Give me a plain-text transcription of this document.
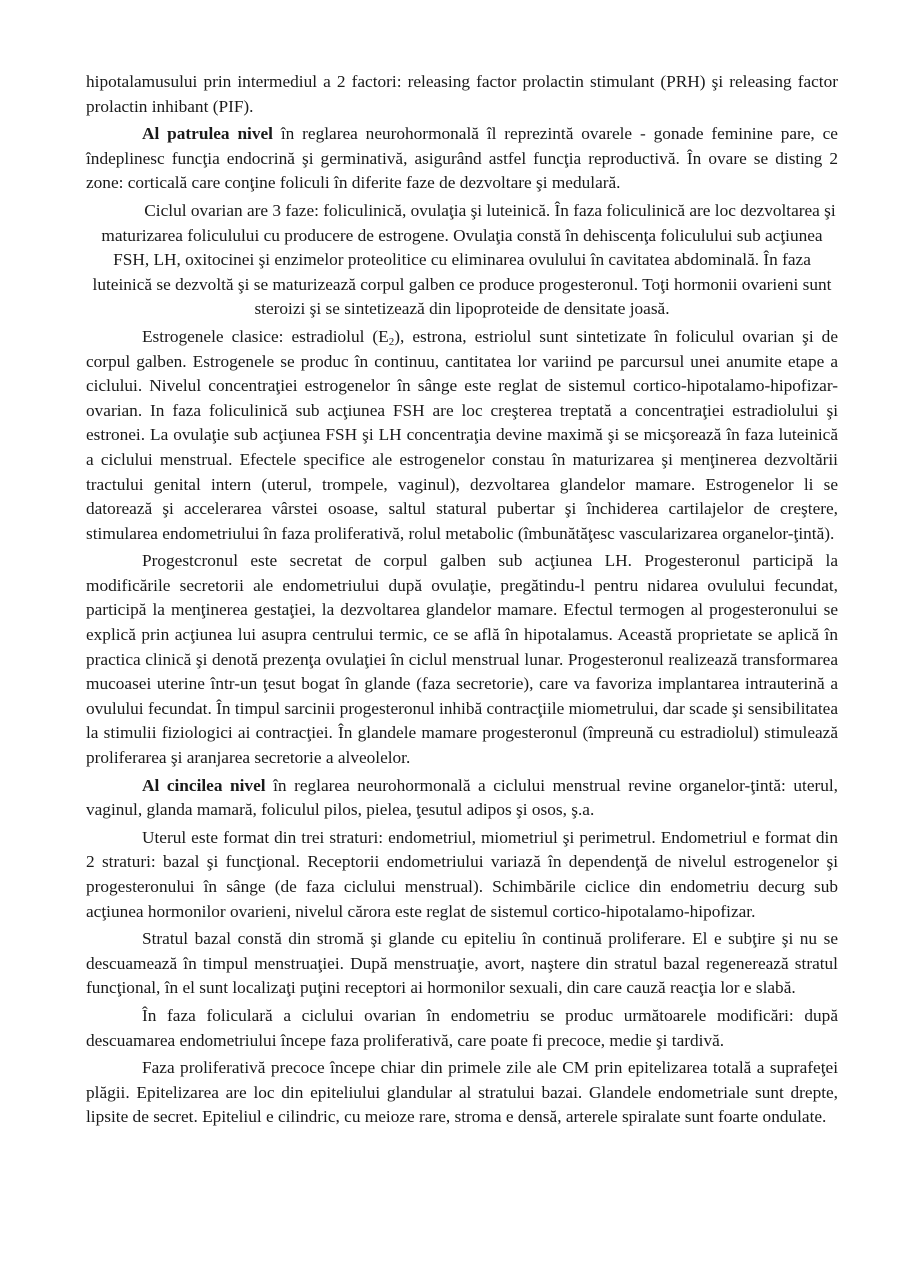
hipotalamusului prin intermediul a 2 factori: releasing factor prolactin stimulant (PRH) şi releasing factor prolactin inhibant (PIF).

Al patrulea nivel în reglarea neurohormonală îl reprezintă ovarele - gonade feminine pare, ce îndeplinesc funcţia endocrină şi germinativă, asigurând astfel funcţia reproductivă. În ovare se disting 2 zone: corticală care conţine foliculi în diferite faze de dezvoltare şi medulară.

Ciclul ovarian are 3 faze: foliculinică, ovulaţia şi luteinică. În faza foliculinică are loc dezvoltarea şi maturizarea foliculului cu producere de estrogene. Ovulaţia constă în dehiscenţa foliculului sub acţiunea FSH, LH, oxitocinei şi enzimelor proteolitice cu eliminarea ovulului în cavitatea abdominală. În faza luteinică se dezvoltă şi se maturizează corpul galben ce produce progesteronul. Toţi hormonii ovarieni sunt steroizi şi se sintetizează din lipoproteide de densitate joasă.

Estrogenele clasice: estradiolul $(E_2)$, estrona, estriolul sunt sintetizate în foliculul ovarian şi de corpul galben. Estrogenele se produc în continuu, cantitatea lor variind pe parcursul unei anumite etape a ciclului. Nivelul concentraţiei estrogenelor în sânge este reglat de sistemul cortico-hipotalamo-hipofizar-ovarian. In faza foliculinică sub acţiunea FSH are loc creşterea treptată a concentraţiei estradiolului şi estronei. La ovulaţie sub acţiunea FSH şi LH concentraţia devine maximă şi se micşorează în faza luteinică a ciclului menstrual. Efectele specifice ale estrogenelor constau în maturizarea şi menţinerea dezvoltării tractului genital intern (uterul, trompele, vaginul), dezvoltarea glandelor mamare. Estrogenelor li se datorează şi accelerarea vârstei osoase, saltul statural pubertar şi închiderea cartilajelor de creştere, stimularea endometriului în faza proliferativă, rolul metabolic (îmbunătăţesc vascularizarea organelor-ţintă).

Progestcronul este secretat de corpul galben sub acţiunea LH. Progesteronul participă la modificările secretorii ale endometriului după ovulaţie, pregătindu-l pentru nidarea ovulului fecundat, participă la menţinerea gestaţiei, la dezvoltarea glandelor mamare. Efectul termogen al progesteronului se explică prin acţiunea lui asupra centrului termic, ce se află în hipotalamus. Această proprietate se aplică în practica clinică şi denotă prezenţa ovulaţiei în ciclul menstrual lunar. Progesteronul realizează transformarea mucoasei uterine într-un ţesut bogat în glande (faza secretorie), care va favoriza implantarea intrauterină a ovulului fecundat. În timpul sarcinii progesteronul inhibă contracţiile miometrului, dar scade şi sensibilitatea la stimulii fiziologici ai contracţiei. În glandele mamare progesteronul (împreună cu estradiolul) stimulează proliferarea şi aranjarea secretorie a alveolelor.

Al cincilea nivel în reglarea neurohormonală a ciclului menstrual revine organelor-ţintă: uterul, vaginul, glanda mamară, foliculul pilos, pielea, ţesutul adipos şi osos, ş.a.

Uterul este format din trei straturi: endometriul, miometriul şi perimetrul. Endometriul e format din 2 straturi: bazal şi funcţional. Receptorii endometriului variază în dependenţă de nivelul estrogenelor şi progesteronului în sânge (de faza ciclului menstrual). Schimbările ciclice din endometriu decurg sub acţiunea hormonilor ovarieni, nivelul cărora este reglat de sistemul cortico-hipotalamo-hipofizar.

Stratul bazal constă din stromă şi glande cu epiteliu în continuă proliferare. El e subţire şi nu se descuamează în timpul menstruaţiei. După menstruaţie, avort, naştere din stratul bazal regenerează stratul funcţional, în el sunt localizaţi puţini receptori ai hormonilor sexuali, din care cauză reacţia lor e slabă.

În faza foliculară a ciclului ovarian în endometriu se produc următoarele modificări: după descuamarea endometriului începe faza proliferativă, care poate fi precoce, medie şi tardivă.

Faza proliferativă precoce începe chiar din primele zile ale CM prin epitelizarea totală a suprafeţei plăgii. Epitelizarea are loc din epiteliului glandular al stratului bazai. Glandele endometriale sunt drepte, lipsite de secret. Epiteliul e cilindric, cu meioze rare, stroma e densă, arterele spiralate sunt foarte ondulate.
